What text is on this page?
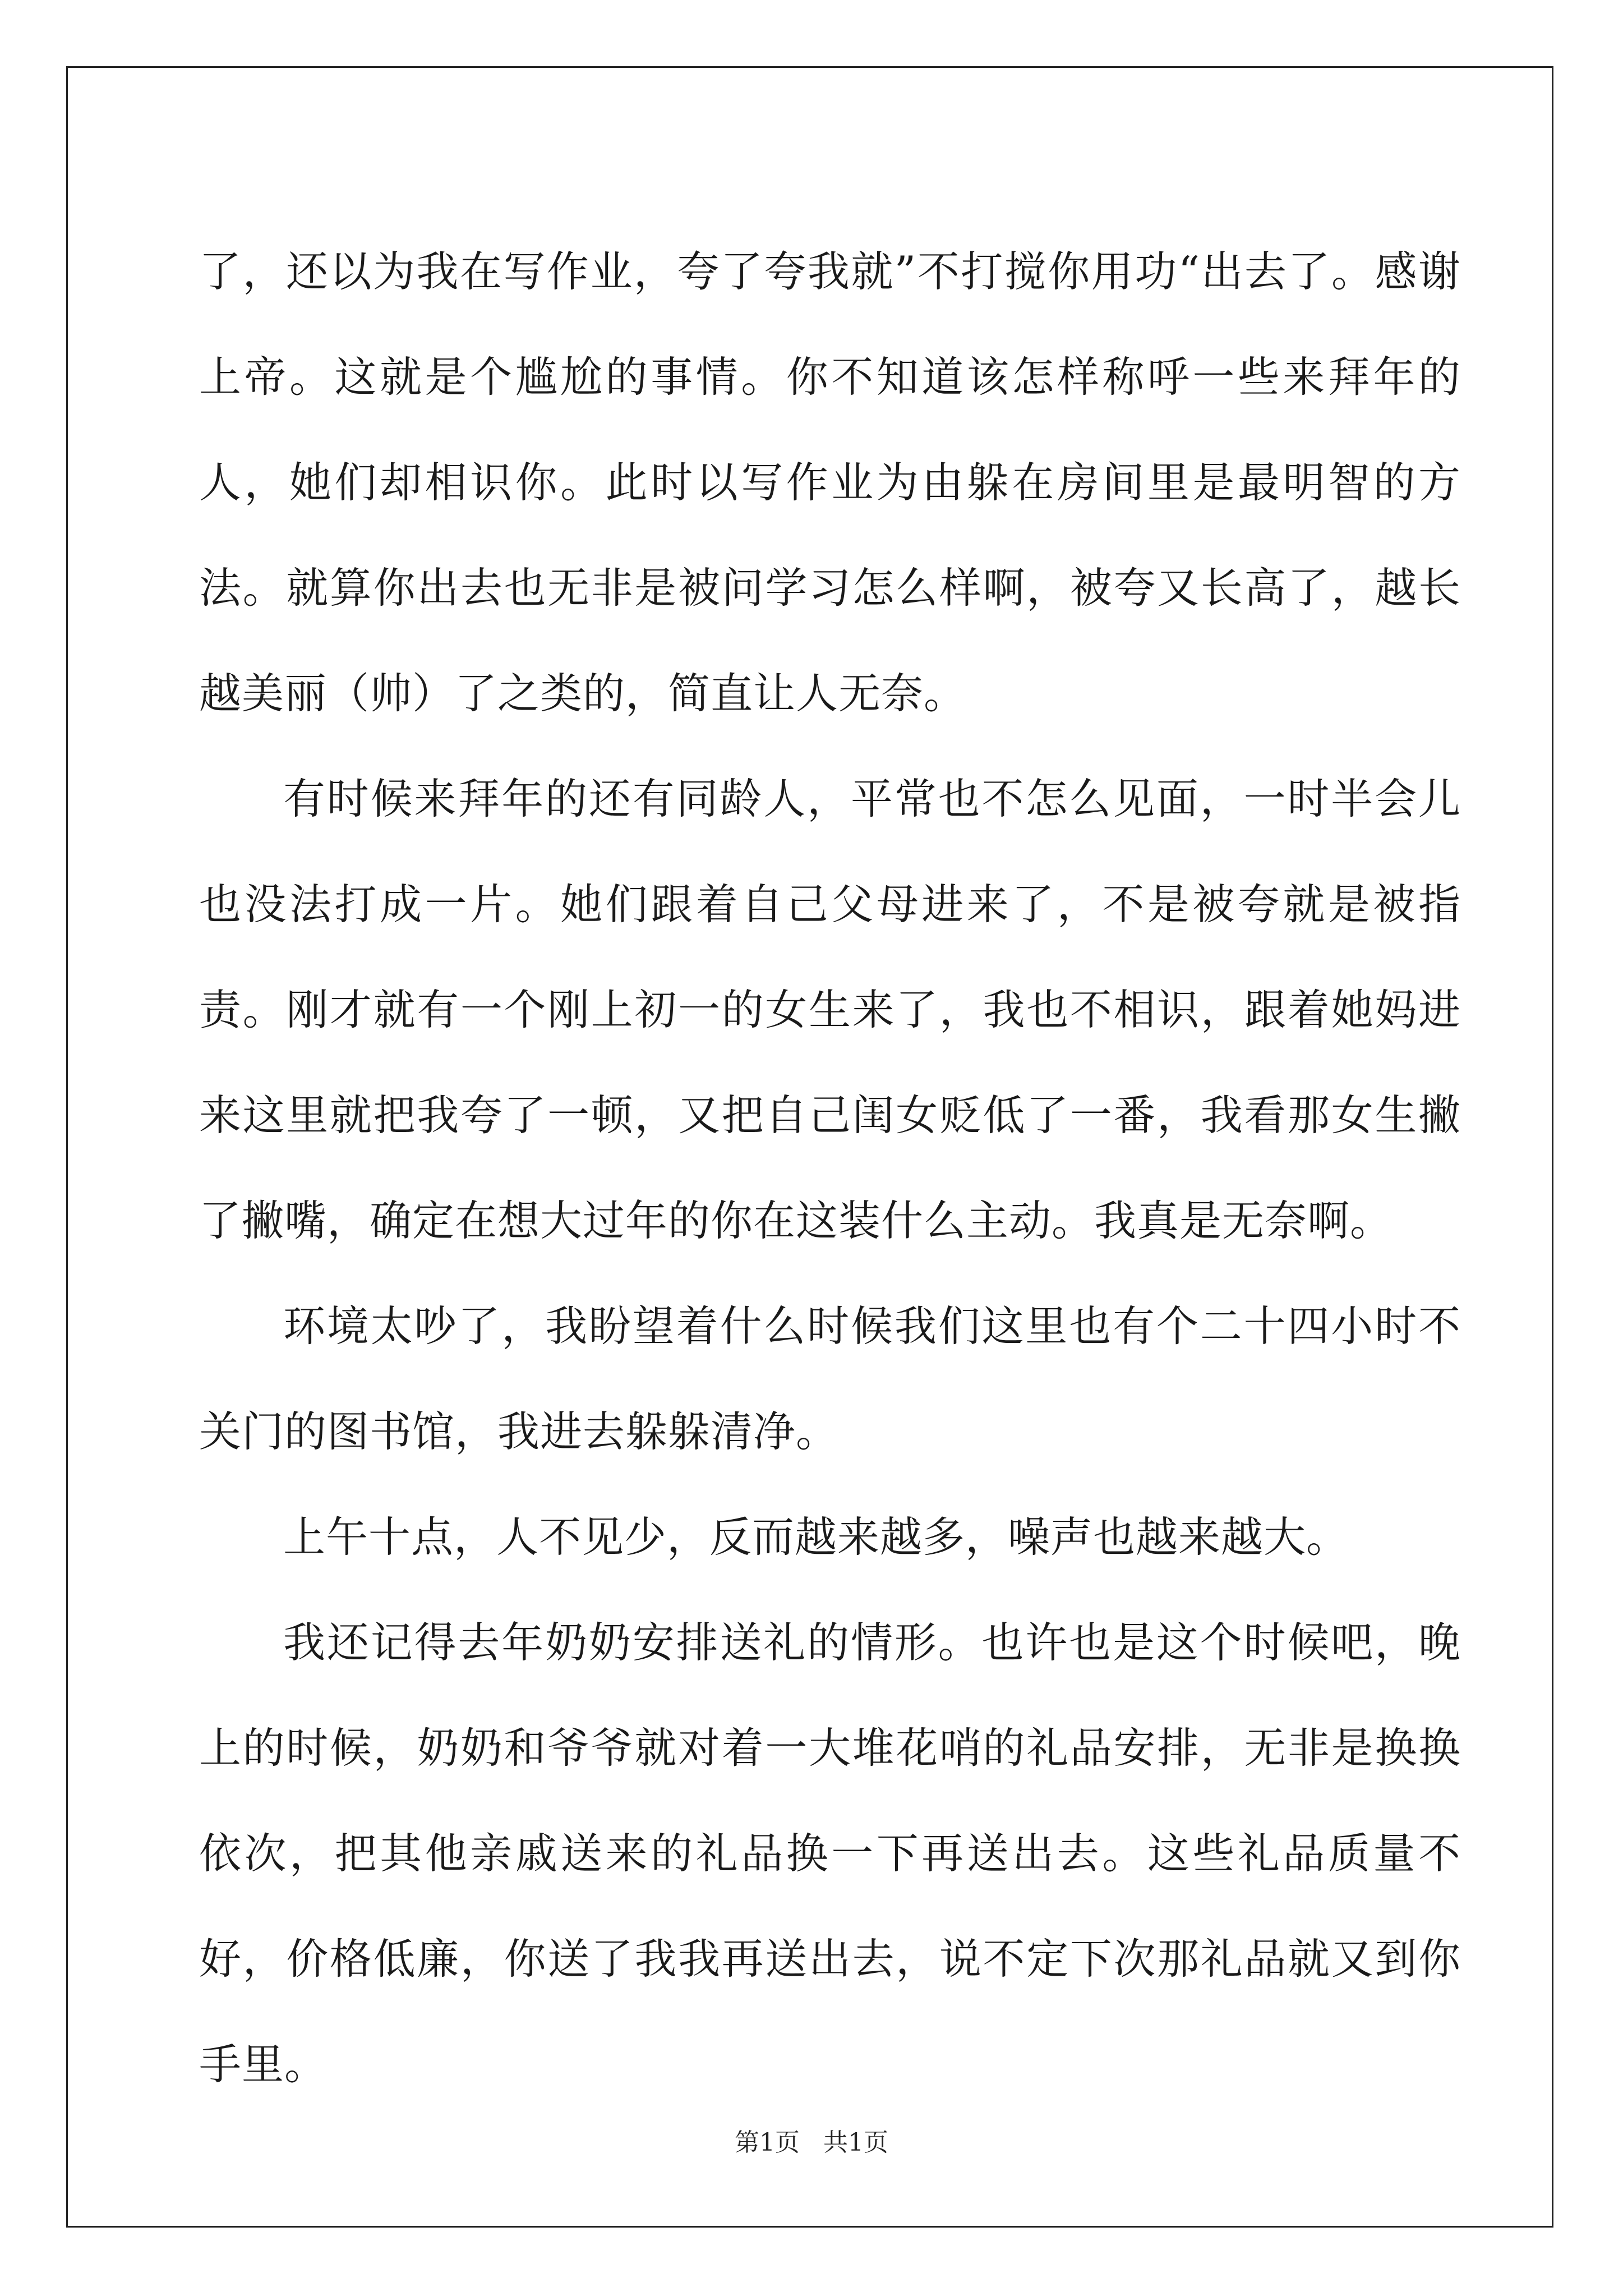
了，还以为我在写作业，夸了夸我就”不打搅你用功“出去了。感谢上帝。这就是个尴尬的事情。你不知道该怎样称呼一些来拜年的人，她们却相识你。此时以写作业为由躲在房间里是最明智的方法。就算你出去也无非是被问学习怎么样啊，被夸又长高了，越长越美丽（帅）了之类的，简直让人无奈。

有时候来拜年的还有同龄人，平常也不怎么见面，一时半会儿也没法打成一片。她们跟着自己父母进来了，不是被夸就是被指责。刚才就有一个刚上初一的女生来了，我也不相识，跟着她妈进来这里就把我夸了一顿，又把自己闺女贬低了一番，我看那女生撇了撇嘴，确定在想大过年的你在这装什么主动。我真是无奈啊。

环境太吵了，我盼望着什么时候我们这里也有个二十四小时不关门的图书馆，我进去躲躲清净。

上午十点，人不见少，反而越来越多，噪声也越来越大。

我还记得去年奶奶安排送礼的情形。也许也是这个时候吧，晚上的时候，奶奶和爷爷就对着一大堆花哨的礼品安排，无非是换换依次，把其他亲戚送来的礼品换一下再送出去。这些礼品质量不好，价格低廉，你送了我我再送出去，说不定下次那礼品就又到你手里。

第1页 共1页
